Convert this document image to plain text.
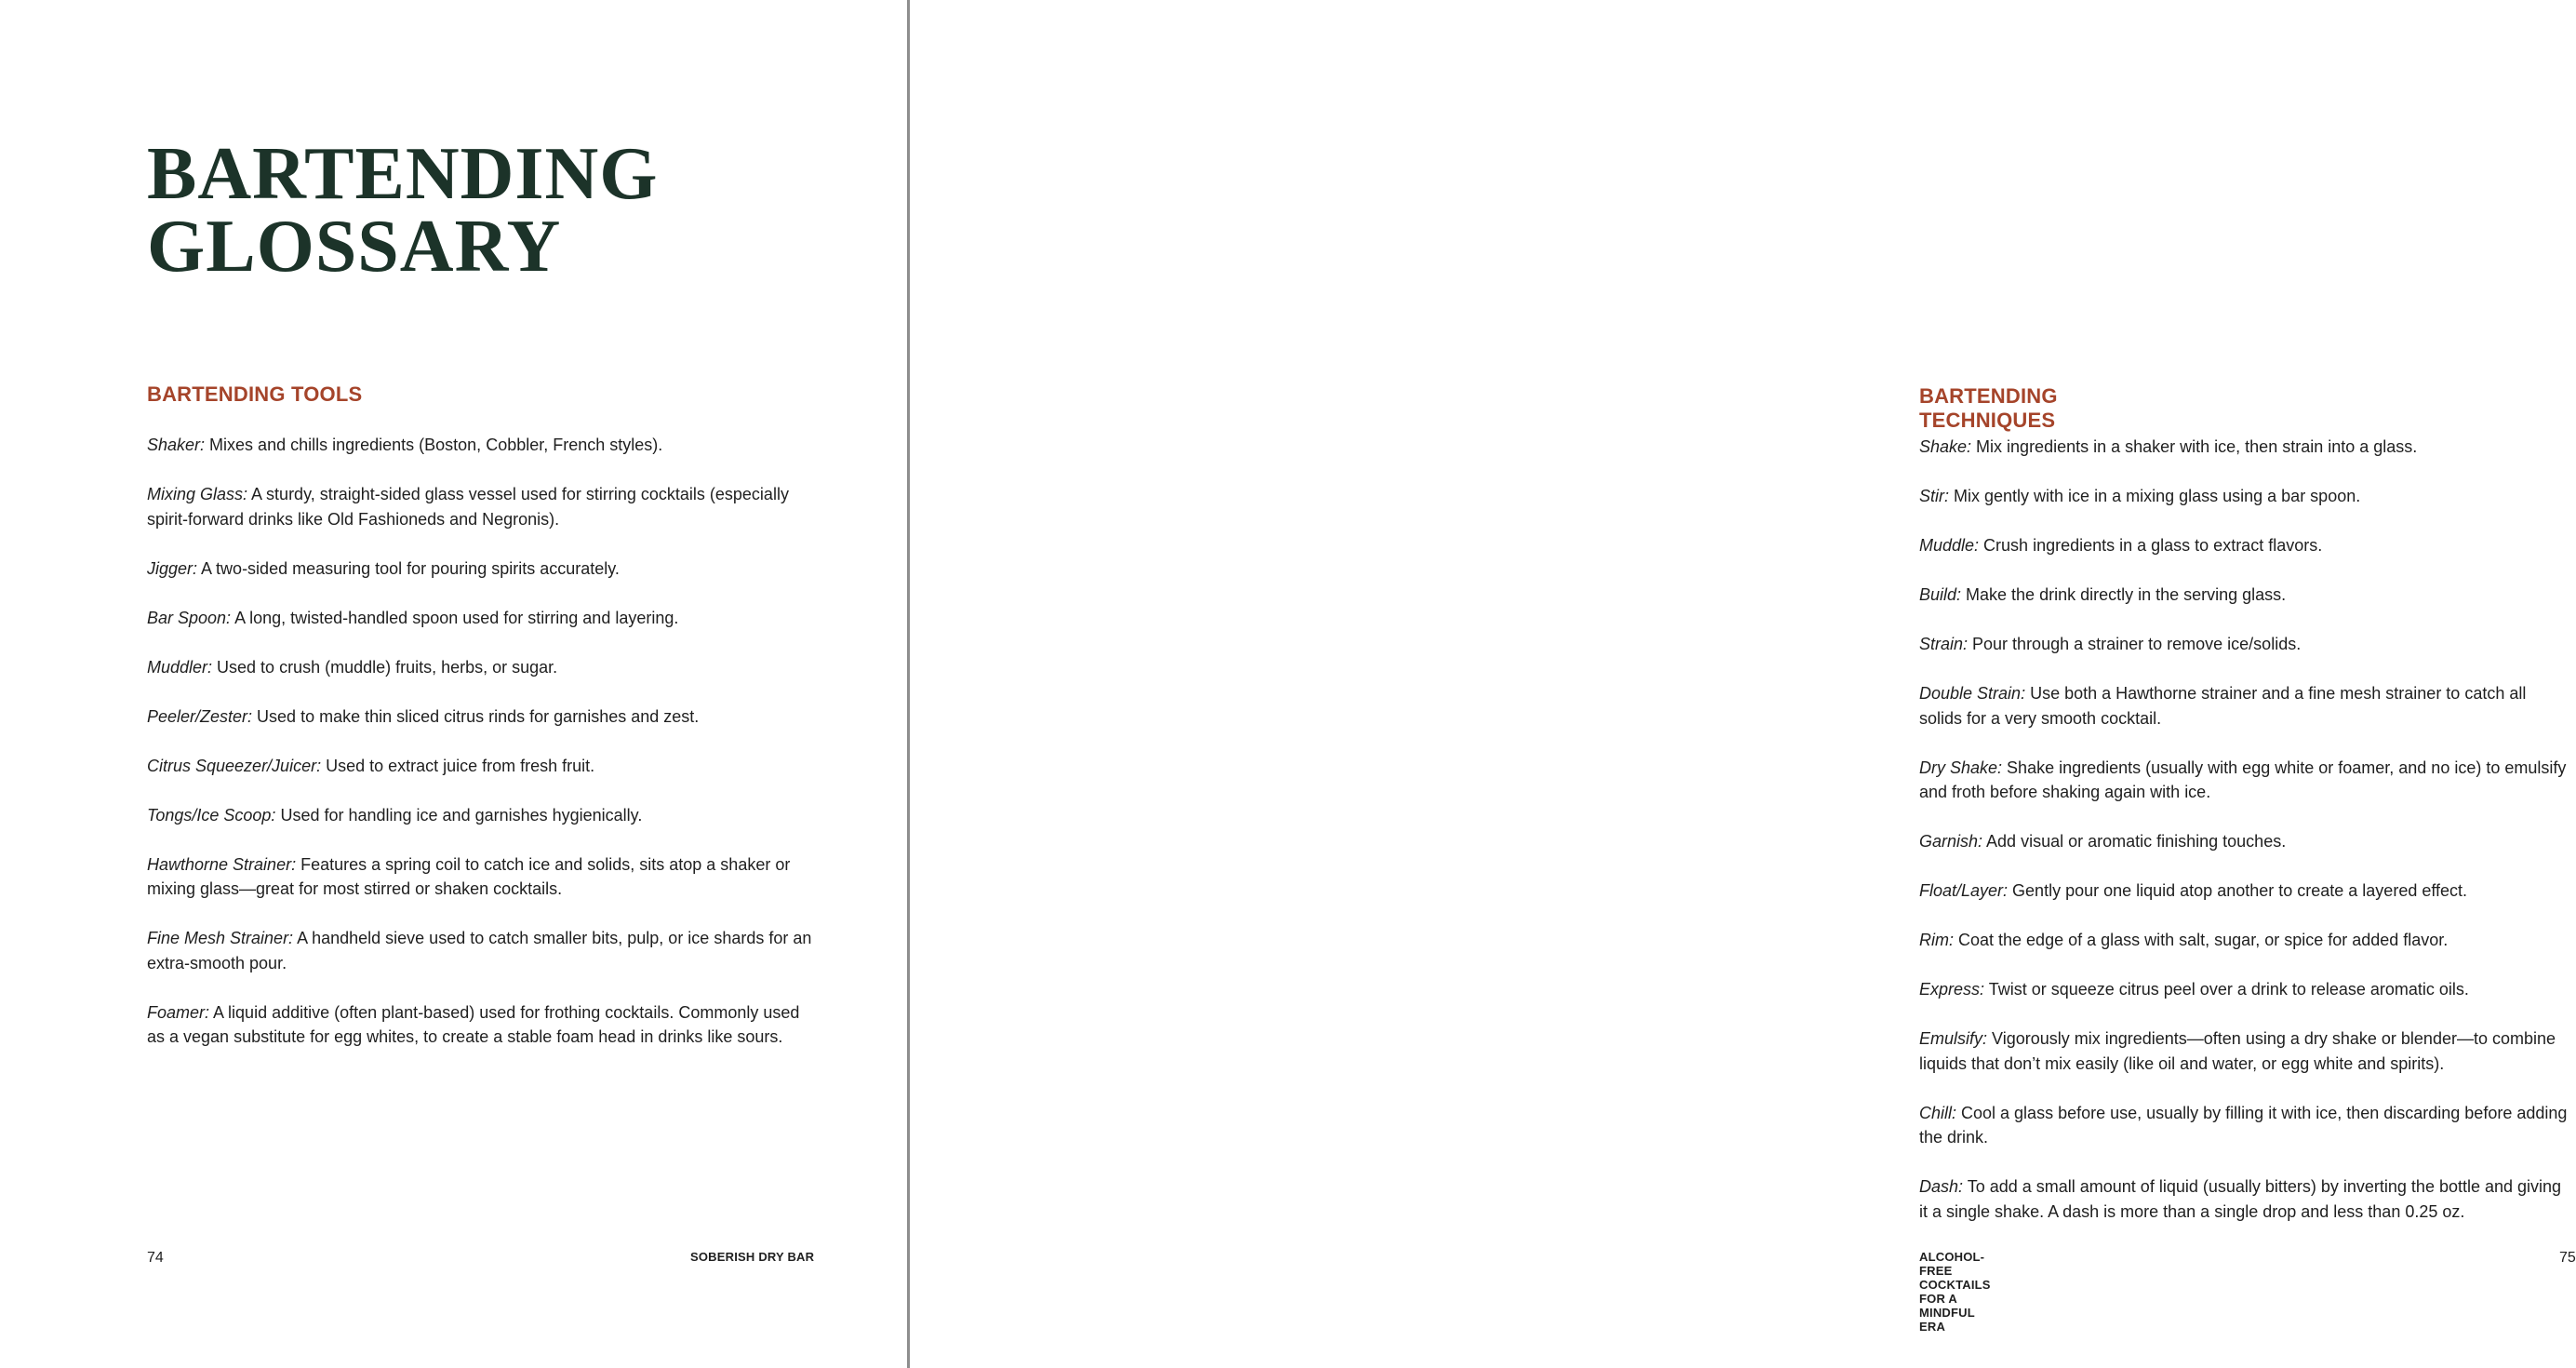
BARTENDING
GLOSSARY
BARTENDING TOOLS
Shaker: Mixes and chills ingredients (Boston, Cobbler, French styles).
Mixing Glass: A sturdy, straight-sided glass vessel used for stirring cocktails (especially spirit-forward drinks like Old Fashioneds and Negronis).
Jigger: A two-sided measuring tool for pouring spirits accurately.
Bar Spoon: A long, twisted-handled spoon used for stirring and layering.
Muddler: Used to crush (muddle) fruits, herbs, or sugar.
Peeler/Zester: Used to make thin sliced citrus rinds for garnishes and zest.
Citrus Squeezer/Juicer: Used to extract juice from fresh fruit.
Tongs/Ice Scoop: Used for handling ice and garnishes hygienically.
Hawthorne Strainer: Features a spring coil to catch ice and solids, sits atop a shaker or mixing glass—great for most stirred or shaken cocktails.
Fine Mesh Strainer: A handheld sieve used to catch smaller bits, pulp, or ice shards for an extra-smooth pour.
Foamer: A liquid additive (often plant-based) used for frothing cocktails. Commonly used as a vegan substitute for egg whites, to create a stable foam head in drinks like sours.
74	SOBERISH DRY BAR
BARTENDING TECHNIQUES
Shake: Mix ingredients in a shaker with ice, then strain into a glass.
Stir: Mix gently with ice in a mixing glass using a bar spoon.
Muddle: Crush ingredients in a glass to extract flavors.
Build: Make the drink directly in the serving glass.
Strain: Pour through a strainer to remove ice/solids.
Double Strain: Use both a Hawthorne strainer and a fine mesh strainer to catch all solids for a very smooth cocktail.
Dry Shake: Shake ingredients (usually with egg white or foamer, and no ice) to emulsify and froth before shaking again with ice.
Garnish: Add visual or aromatic finishing touches.
Float/Layer: Gently pour one liquid atop another to create a layered effect.
Rim: Coat the edge of a glass with salt, sugar, or spice for added flavor.
Express: Twist or squeeze citrus peel over a drink to release aromatic oils.
Emulsify: Vigorously mix ingredients—often using a dry shake or blender—to combine liquids that don’t mix easily (like oil and water, or egg white and spirits).
Chill: Cool a glass before use, usually by filling it with ice, then discarding before adding the drink.
Dash: To add a small amount of liquid (usually bitters) by inverting the bottle and giving it a single shake. A dash is more than a single drop and less than 0.25 oz.
ALCOHOL-FREE COCKTAILS FOR A MINDFUL ERA
75
